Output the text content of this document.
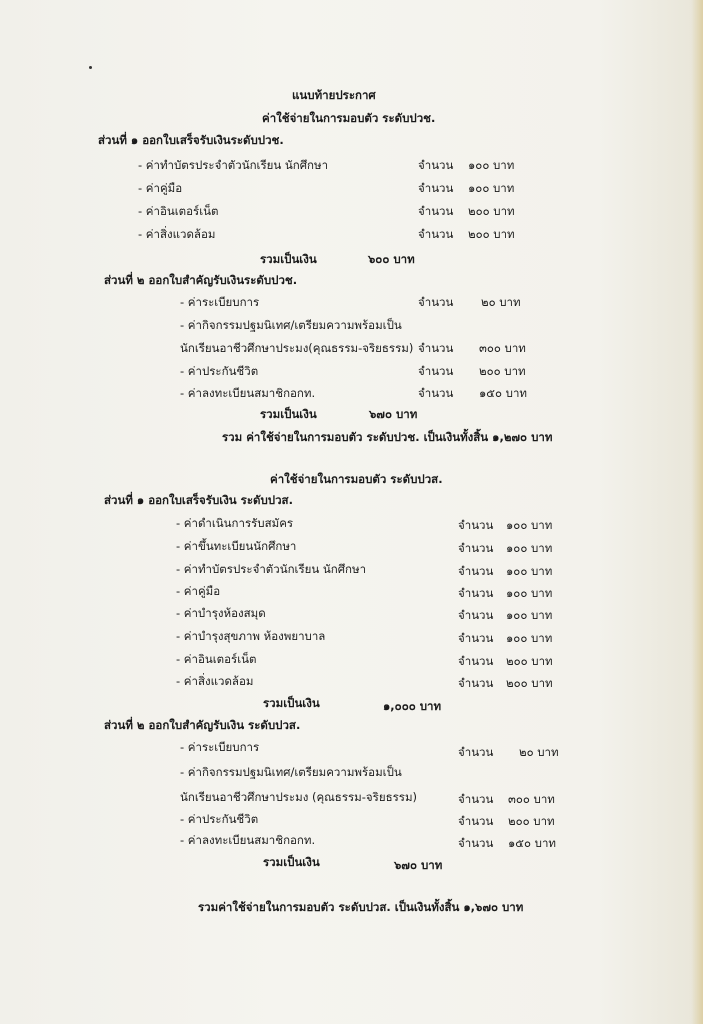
แนบท้ายประกาศ
ค่าใช้จ่ายในการมอบตัว ระดับปวช.
ส่วนที่ ๑ ออกใบเสร็จรับเงินระดับปวช.
- ค่าทำบัตรประจำตัวนักเรียน นักศึกษา	จำนวน ๑๐๐ บาท
- ค่าคู่มือ	จำนวน ๑๐๐ บาท
- ค่าอินเตอร์เน็ต	จำนวน ๒๐๐ บาท
- ค่าสิ่งแวดล้อม	จำนวน ๒๐๐ บาท
รวมเป็นเงิน	๖๐๐ บาท
ส่วนที่ ๒ ออกใบสำคัญรับเงินระดับปวช.
- ค่าระเบียบการ	จำนวน ๒๐ บาท
- ค่ากิจกรรมปฐมนิเทศ/เตรียมความพร้อมเป็น
นักเรียนอาชีวศึกษาประมง(คุณธรรม-จริยธรรม) จำนวน ๓๐๐ บาท
- ค่าประกันชีวิต	จำนวน ๒๐๐ บาท
- ค่าลงทะเบียนสมาชิกอกท.	จำนวน ๑๕๐ บาท
รวมเป็นเงิน	๖๗๐ บาท
รวม ค่าใช้จ่ายในการมอบตัว ระดับปวช. เป็นเงินทั้งสิ้น ๑,๒๗๐ บาท
ค่าใช้จ่ายในการมอบตัว ระดับปวส.
ส่วนที่ ๑ ออกใบเสร็จรับเงิน ระดับปวส.
- ค่าดำเนินการรับสมัคร	จำนวน ๑๐๐ บาท
- ค่าขึ้นทะเบียนนักศึกษา	จำนวน ๑๐๐ บาท
- ค่าทำบัตรประจำตัวนักเรียน นักศึกษา	จำนวน ๑๐๐ บาท
- ค่าคู่มือ	จำนวน ๑๐๐ บาท
- ค่าบำรุงห้องสมุด	จำนวน ๑๐๐ บาท
- ค่าบำรุงสุขภาพ ห้องพยาบาล	จำนวน ๑๐๐ บาท
- ค่าอินเตอร์เน็ต	จำนวน ๒๐๐ บาท
- ค่าสิ่งแวดล้อม	จำนวน ๒๐๐ บาท
รวมเป็นเงิน	๑,๐๐๐ บาท
ส่วนที่ ๒ ออกใบสำคัญรับเงิน ระดับปวส.
- ค่าระเบียบการ	จำนวน ๒๐ บาท
- ค่ากิจกรรมปฐมนิเทศ/เตรียมความพร้อมเป็น
นักเรียนอาชีวศึกษาประมง (คุณธรรม-จริยธรรม)	จำนวน ๓๐๐ บาท
- ค่าประกันชีวิต	จำนวน ๒๐๐ บาท
- ค่าลงทะเบียนสมาชิกอกท.	จำนวน ๑๕๐ บาท
รวมเป็นเงิน	๖๗๐ บาท
รวมค่าใช้จ่ายในการมอบตัว ระดับปวส. เป็นเงินทั้งสิ้น ๑,๖๗๐ บาท
